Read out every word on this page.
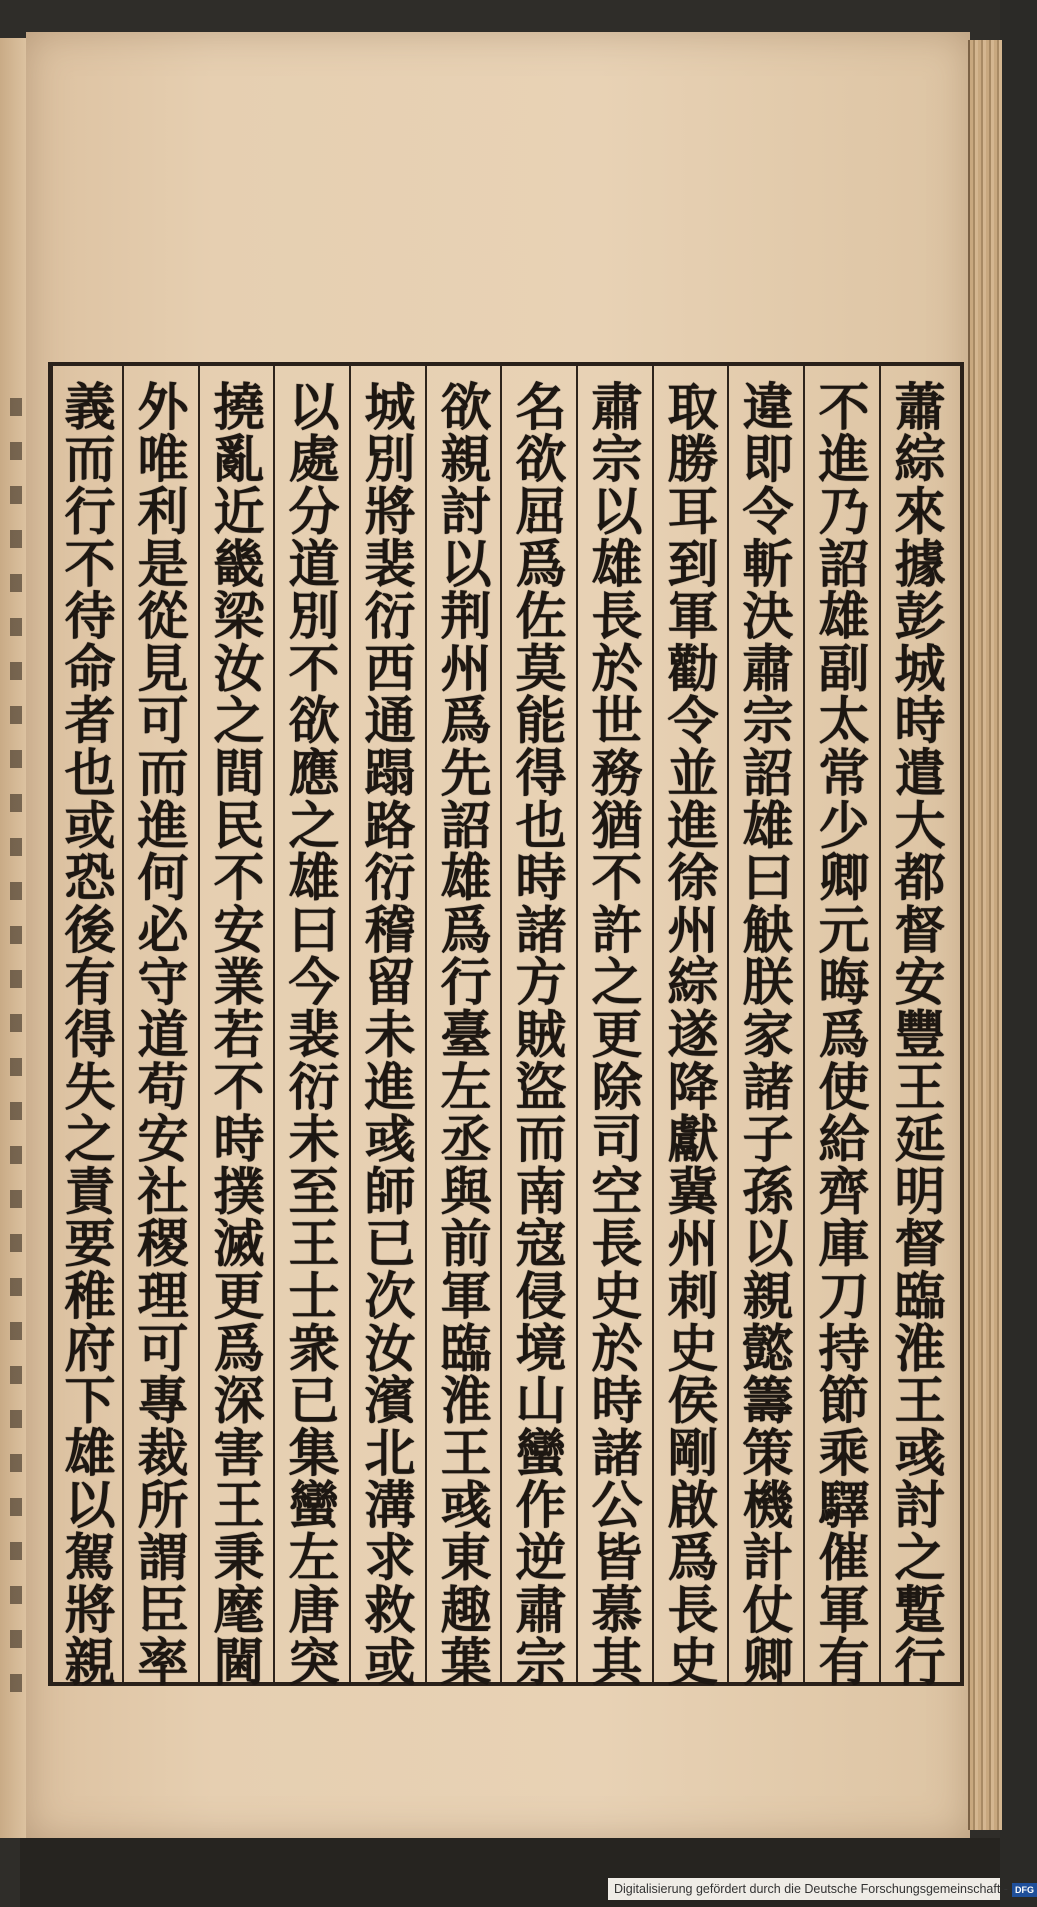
蕭綜來據彭城時遣大都督安豐王延明督臨淮王彧討之蹔行
不進乃詔雄副太常少卿元晦爲使給齊庫刀持節乘驛催軍有
違即令斬決肅宗詔雄曰觖朕家諸子孫以親懿籌策機計仗卿
取勝耳到軍勸令並進徐州綜遂降獻冀州刺史侯剛啟爲長史
肅宗以雄長於世務猶不許之更除司空長史於時諸公皆慕其
名欲屈爲佐莫能得也時諸方賊盜而南寇侵境山蠻作逆肅宗
欲親討以荆州爲先詔雄爲行臺左丞與前軍臨淮王彧東趣葉
城別將裴衍西通蹋路衍稽留未進彧師已次汝濱北溝求救或
以處分道別不欲應之雄曰今裴衍未至王士衆已集蠻左唐突
撓亂近畿梁汝之間民不安業若不時撲滅更爲深害王秉麾閫
外唯利是從見可而進何必守道苟安社稷理可專裁所謂臣率
義而行不待命者也或恐後有得失之責要稚府下雄以駕將親
Digitalisierung gefördert durch die Deutsche Forschungsgemeinschaft - DFG
